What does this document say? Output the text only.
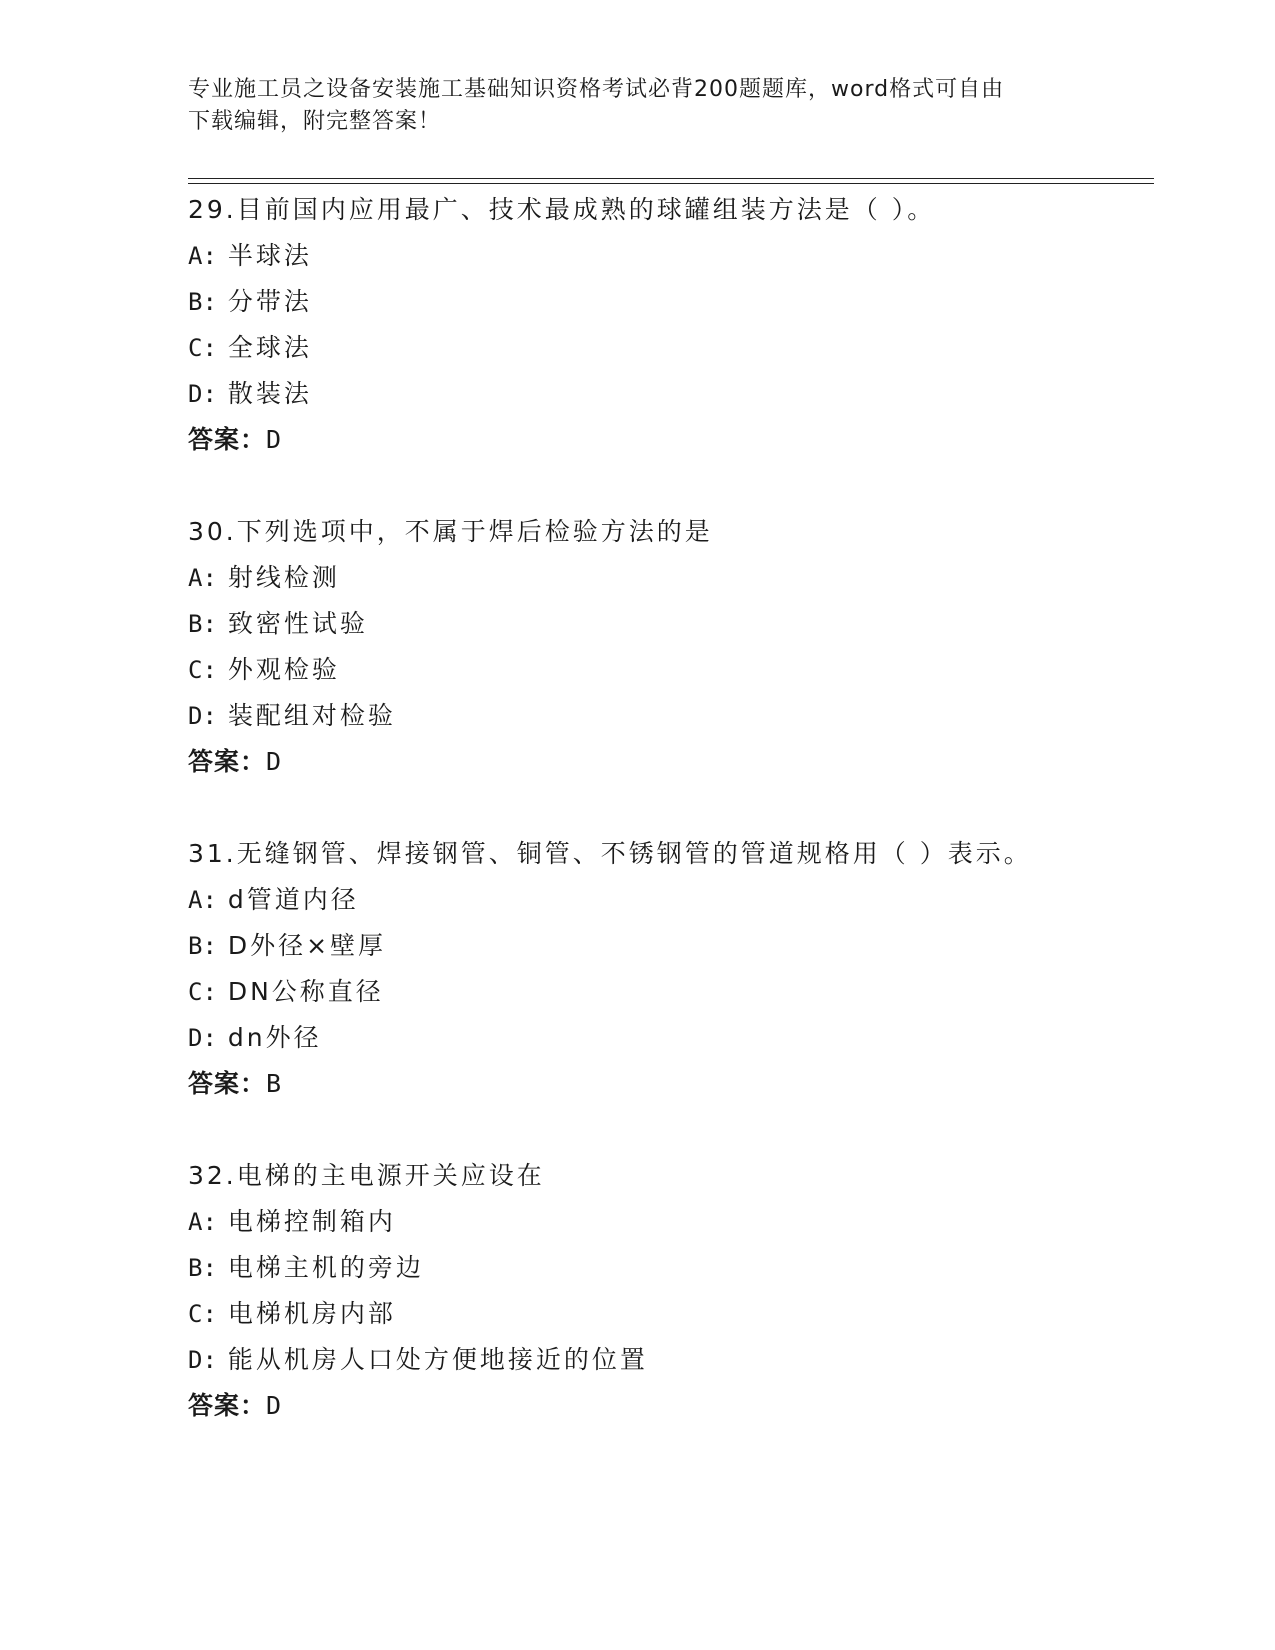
专业施工员之设备安装施工基础知识资格考试必背200题题库，word格式可自由
下载编辑，附完整答案！
29.目前国内应用最广、技术最成熟的球罐组装方法是（ ）。
A: 半球法
B: 分带法
C: 全球法
D: 散装法
答案：D
30.下列选项中，不属于焊后检验方法的是
A: 射线检测
B: 致密性试验
C: 外观检验
D: 装配组对检验
答案：D
31.无缝钢管、焊接钢管、铜管、不锈钢管的管道规格用（ ）表示。
A: d管道内径
B: D外径×壁厚
C: DN公称直径
D: dn外径
答案：B
32.电梯的主电源开关应设在
A: 电梯控制箱内
B: 电梯主机的旁边
C: 电梯机房内部
D: 能从机房人口处方便地接近的位置
答案：D
